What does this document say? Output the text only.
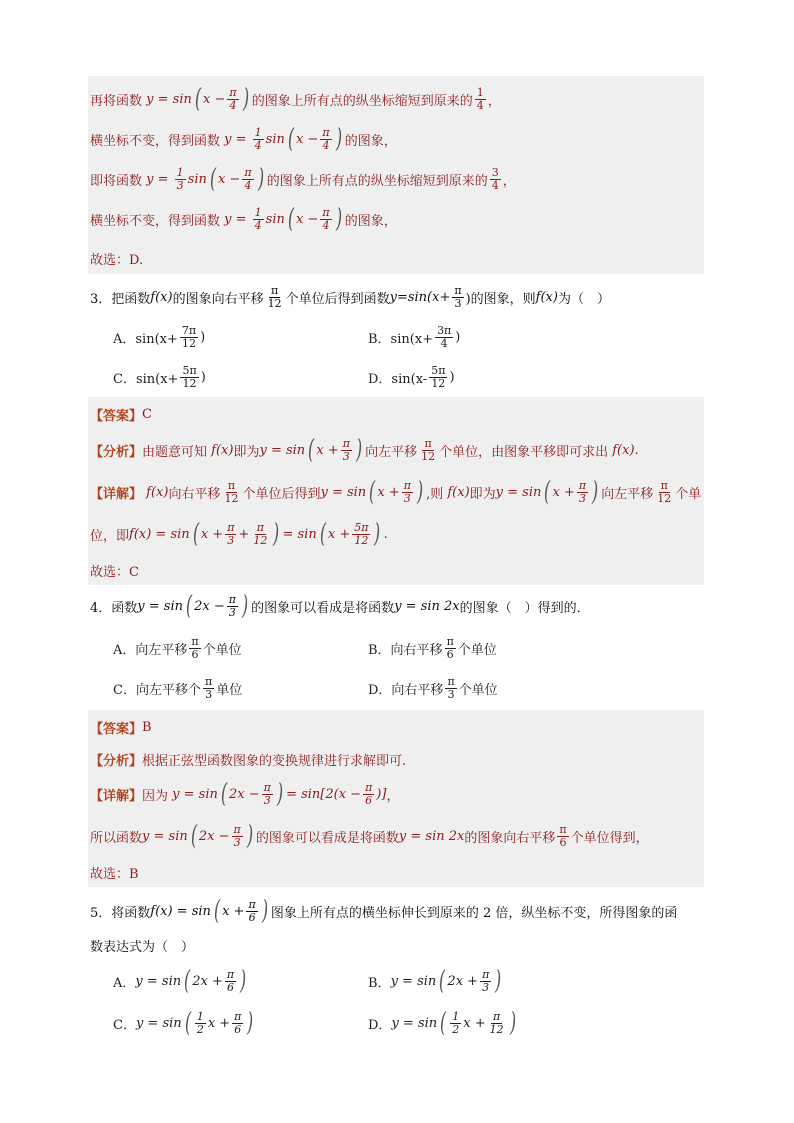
再将函数 y = sin ( $x - \frac{\pi}{4}$ ) 的图象上所有点的纵坐标缩短到原来的 $\frac{1}{4}$ ，
横坐标不变，得到函数 $y = \frac{1}{4}$ sin ( $x - \frac{\pi}{4}$ ) 的图象，
即将函数 $y = \frac{1}{3}$ sin ( $x - \frac{\pi}{4}$ ) 的图象上所有点的纵坐标缩短到原来的 $\frac{3}{4}$ ，
横坐标不变，得到函数 $y = \frac{1}{4}$ sin ( $x - \frac{\pi}{4}$ ) 的图象，
故选：D.
3．把函数 f(x) 的图象向右平移 $\frac{\pi}{12}$ 个单位后得到函数 $y=\sin(x+ \frac{\pi}{3}$ )的图象，则 f(x) 为（　）
A．$\sin(x+ \frac{7\pi}{12}$ )	B．$\sin(x+ \frac{3\pi}{4}$ )
C．$\sin(x+ \frac{5\pi}{12}$ )	D．$\sin(x- \frac{5\pi}{12}$ )
【答案】 C
【分析】 由题意可知 f(x) 即为 y = sin ( $x + \frac{\pi}{3}$ ) 向左平移 $\frac{\pi}{12}$ 个单位，由图象平移即可求出 f(x) .
【详解】 f(x) 向右平移 $\frac{\pi}{12}$ 个单位后得到 y = sin ( $x + \frac{\pi}{3}$ ) ,则 f(x) 即为 y = sin ( $x + \frac{\pi}{3}$ ) 向左平移 $\frac{\pi}{12}$ 个单
位，即 f(x) = sin ( $x + \frac{\pi}{3} + \frac{\pi}{12}$ ) = sin ( $x + \frac{5\pi}{12}$ ) .
故选：C
4．函数 y = sin ( $2x - \frac{\pi}{3}$ ) 的图象可以看成是将函数 y = sin 2x 的图象（　）得到的．
A．向左平移 $\frac{\pi}{6}$ 个单位	B．向右平移 $\frac{\pi}{6}$ 个单位
C．向左平移个 $\frac{\pi}{3}$ 单位	D．向右平移 $\frac{\pi}{3}$ 个单位
【答案】 B
【分析】 根据正弦型函数图象的变换规律进行求解即可.
【详解】 因为 y = sin ( $2x - \frac{\pi}{3}$ ) = $\sin[2(x - \frac{\pi}{6}$ )] ，
所以函数 y = sin ( $2x - \frac{\pi}{3}$ ) 的图象可以看成是将函数 y = sin 2x 的图象向右平移 $\frac{\pi}{6}$ 个单位得到，
故选：B
5．将函数 f(x) = sin ( $x + \frac{\pi}{6}$ ) 图象上所有点的横坐标伸长到原来的 2 倍，纵坐标不变，所得图象的函
数表达式为（　）
A． y = sin ( $2x + \frac{\pi}{6}$ )	B． y = sin ( $2x + \frac{\pi}{3}$ )
C． y = sin ( $\frac{1}{2}$ $x + \frac{\pi}{6}$ )	D． y = sin ( $\frac{1}{2}$ $x + \frac{\pi}{12}$ )
